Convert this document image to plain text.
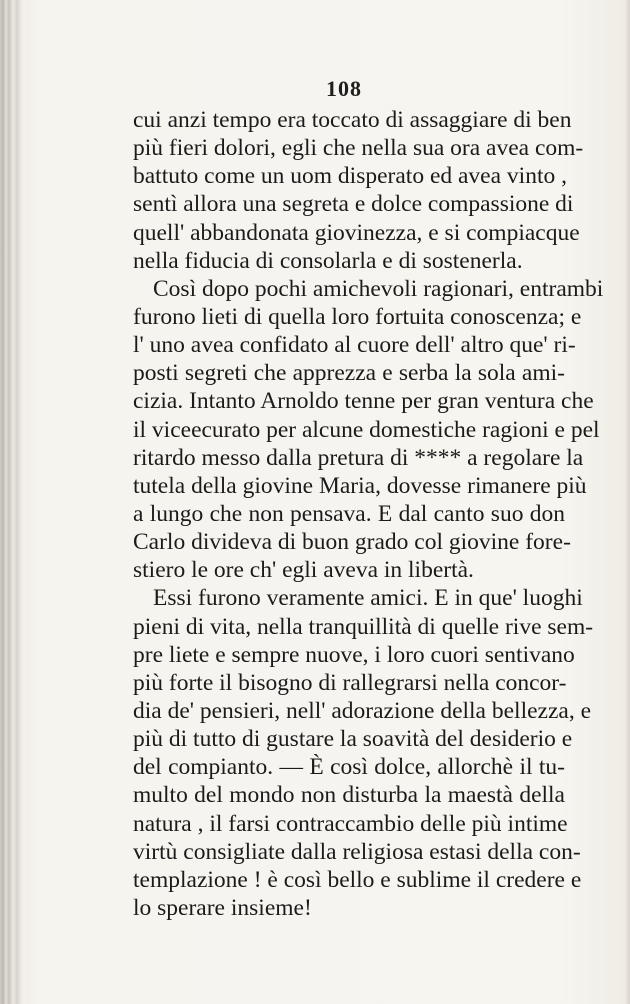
108
cui anzi tempo era toccato di assaggiare di ben
più fieri dolori, egli che nella sua ora avea com-
battuto come un uom disperato ed avea vinto ,
sentì allora una segreta e dolce compassione di
quell' abbandonata giovinezza, e si compiacque
nella fiducia di consolarla e di sostenerla.
Così dopo pochi amichevoli ragionari, entrambi
furono lieti di quella loro fortuita conoscenza; e
l' uno avea confidato al cuore dell' altro que' ri-
posti segreti che apprezza e serba la sola ami-
cizia. Intanto Arnoldo tenne per gran ventura che
il viceecurato per alcune domestiche ragioni e pel
ritardo messo dalla pretura di **** a regolare la
tutela della giovine Maria, dovesse rimanere più
a lungo che non pensava. E dal canto suo don
Carlo divideva di buon grado col giovine fore-
stiero le ore ch' egli aveva in libertà.
Essi furono veramente amici. E in que' luoghi
pieni di vita, nella tranquillità di quelle rive sem-
pre liete e sempre nuove, i loro cuori sentivano
più forte il bisogno di rallegrarsi nella concor-
dia de' pensieri, nell' adorazione della bellezza, e
più di tutto di gustare la soavità del desiderio e
del compianto. — È così dolce, allorchè il tu-
multo del mondo non disturba la maestà della
natura , il farsi contraccambio delle più intime
virtù consigliate dalla religiosa estasi della con-
templazione ! è così bello e sublime il credere e
lo sperare insieme!
